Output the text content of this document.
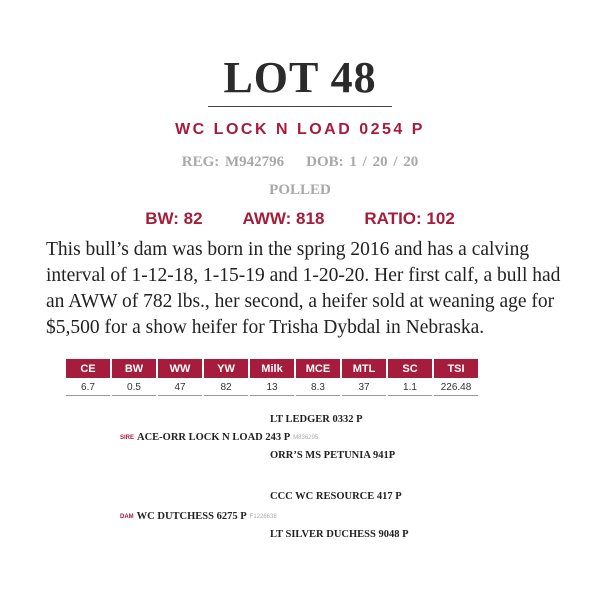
LOT 48
WC LOCK N LOAD 0254 P
REG: M942796 DOB: 1 / 20 / 20
POLLED
BW: 82 AWW: 818 RATIO: 102
This bull’s dam was born in the spring 2016 and has a calving interval of 1-12-18, 1-15-19 and 1-20-20. Her first calf, a bull had an AWW of 782 lbs., her second, a heifer sold at weaning age for $5,500 for a show heifer for Trisha Dybdal in Nebraska.
CE	BW	WW	YW	Milk	MCE	MTL	SC	TSI
6.7	0.5	47	82	13	8.3	37	1.1	226.48
LT LEDGER 0332 P
SIRE ACE-ORR LOCK N LOAD 243 P M836295
ORR’S MS PETUNIA 941P
CCC WC RESOURCE 417 P
DAM WC DUTCHESS 6275 P F1226638
LT SILVER DUCHESS 9048 P
